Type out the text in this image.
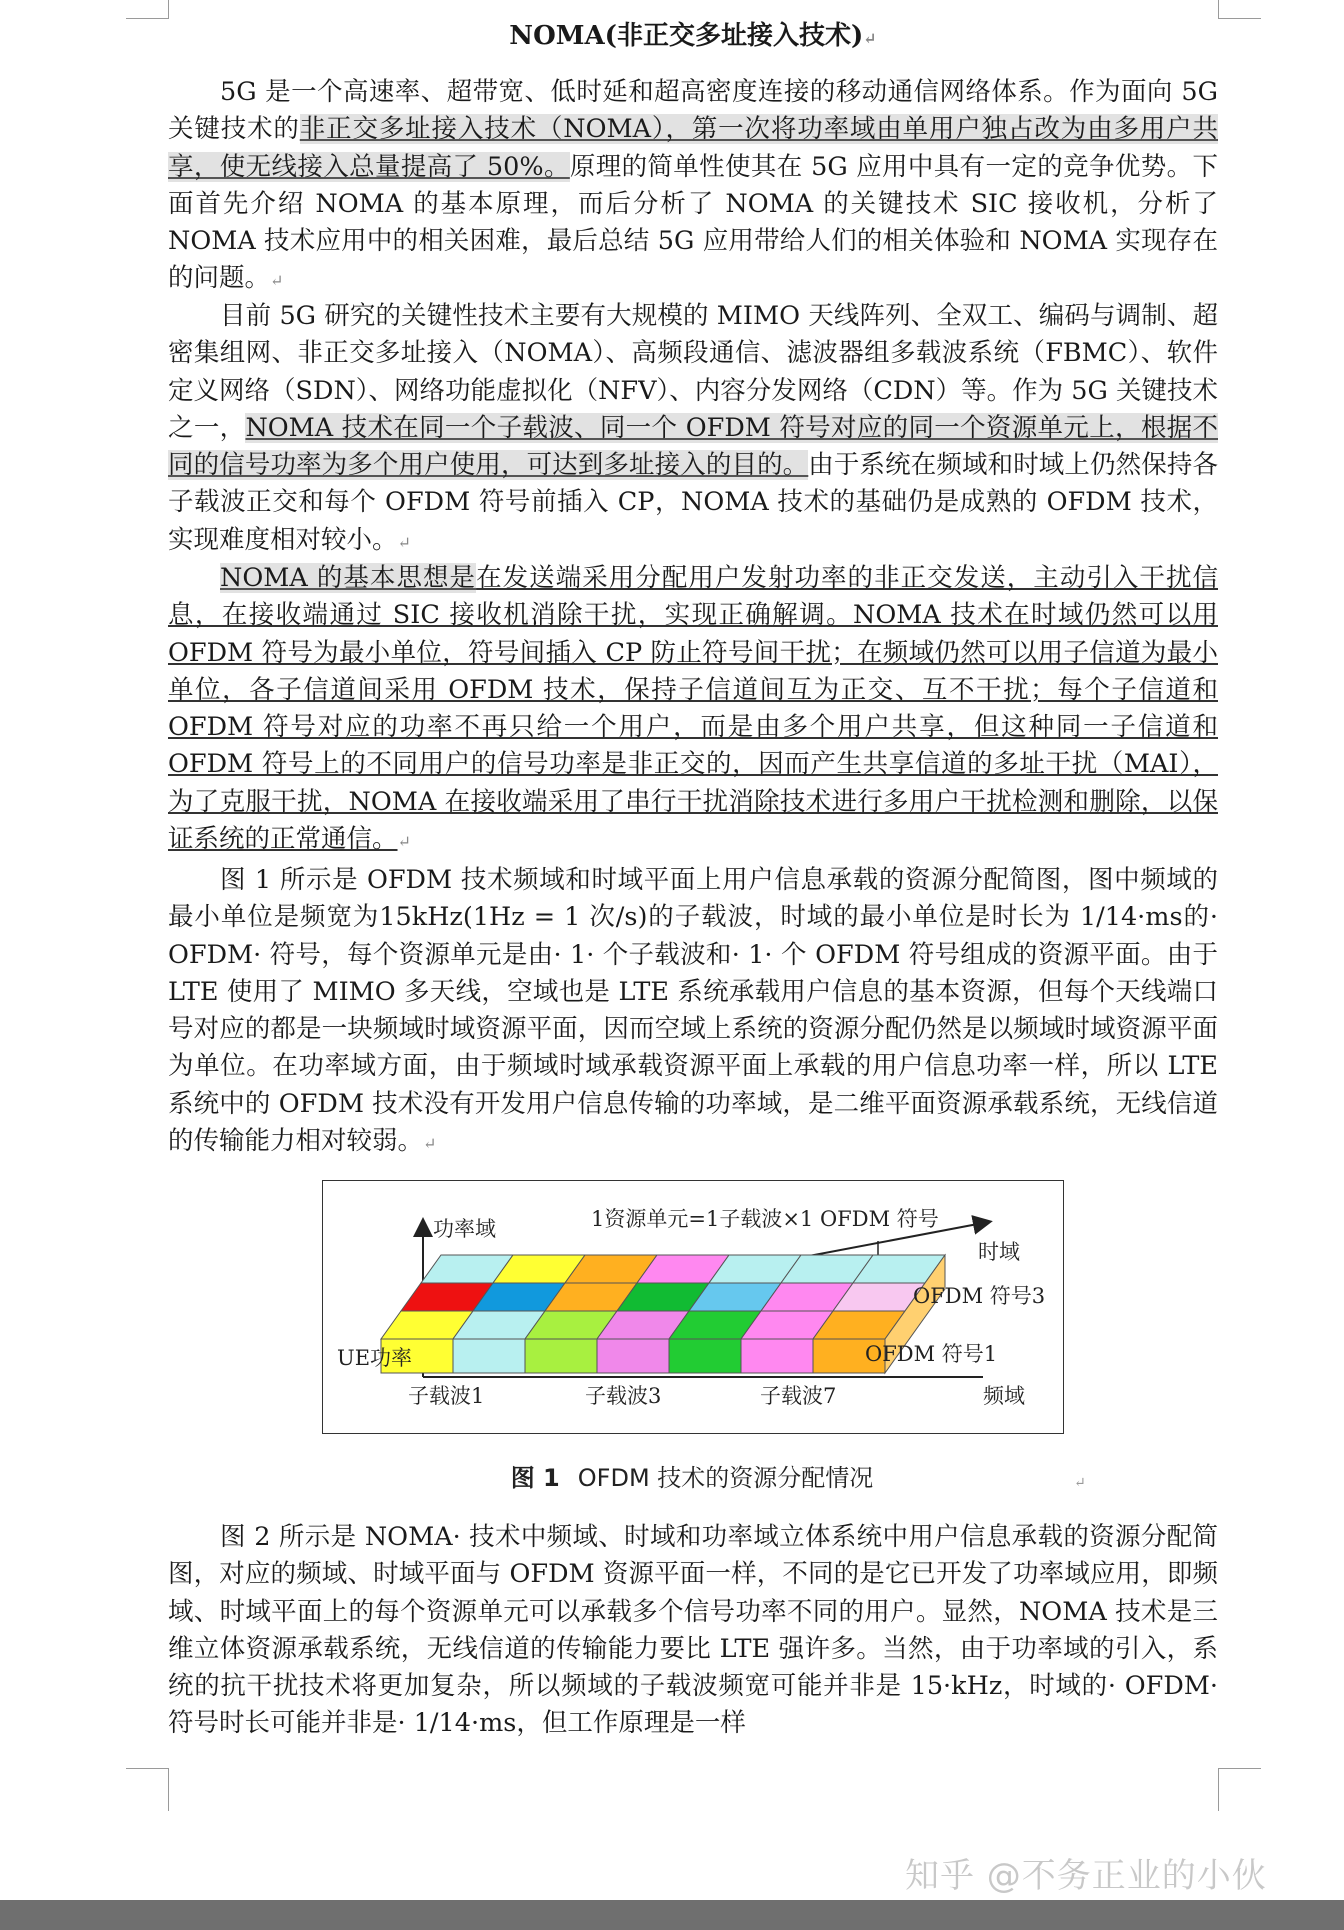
NOMA(非正交多址接入技术)↵

5G 是一个高速率、超带宽、低时延和超高密度连接的移动通信网络体系。作为面向 5G 关键技术的非正交多址接入技术（NOMA），第一次将功率域由单用户独占改为由多用户共享，使无线接入总量提高了 50%。原理的简单性使其在 5G 应用中具有一定的竞争优势。下面首先介绍 NOMA 的基本原理，而后分析了 NOMA 的关键技术 SIC 接收机，分析了 NOMA 技术应用中的相关困难，最后总结 5G 应用带给人们的相关体验和 NOMA 实现存在的问题。↵

目前 5G 研究的关键性技术主要有大规模的 MIMO 天线阵列、全双工、编码与调制、超密集组网、非正交多址接入（NOMA）、高频段通信、滤波器组多载波系统（FBMC）、软件定义网络（SDN）、网络功能虚拟化（NFV）、内容分发网络（CDN）等。作为 5G 关键技术之一，NOMA 技术在同一个子载波、同一个 OFDM 符号对应的同一个资源单元上，根据不同的信号功率为多个用户使用，可达到多址接入的目的。由于系统在频域和时域上仍然保持各子载波正交和每个 OFDM 符号前插入 CP，NOMA 技术的基础仍是成熟的 OFDM 技术，实现难度相对较小。↵

NOMA 的基本思想是在发送端采用分配用户发射功率的非正交发送，主动引入干扰信息，在接收端通过 SIC 接收机消除干扰，实现正确解调。NOMA 技术在时域仍然可以用 OFDM 符号为最小单位，符号间插入 CP 防止符号间干扰；在频域仍然可以用子信道为最小单位，各子信道间采用 OFDM 技术，保持子信道间互为正交、互不干扰；每个子信道和 OFDM 符号对应的功率不再只给一个用户，而是由多个用户共享，但这种同一子信道和 OFDM 符号上的不同用户的信号功率是非正交的，因而产生共享信道的多址干扰（MAI），为了克服干扰，NOMA 在接收端采用了串行干扰消除技术进行多用户干扰检测和删除，以保证系统的正常通信。↵

图 1 所示是 OFDM 技术频域和时域平面上用户信息承载的资源分配简图，图中频域的最小单位是频宽为15kHz(1Hz = 1 次/s)的子载波，时域的最小单位是时长为 1/14·ms的· OFDM· 符号，每个资源单元是由· 1· 个子载波和· 1· 个 OFDM 符号组成的资源平面。由于 LTE 使用了 MIMO 多天线，空域也是 LTE 系统承载用户信息的基本资源，但每个天线端口号对应的都是一块频域时域资源平面，因而空域上系统的资源分配仍然是以频域时域资源平面为单位。在功率域方面，由于频域时域承载资源平面上承载的用户信息功率一样，所以 LTE 系统中的 OFDM 技术没有开发用户信息传输的功率域，是二维平面资源承载系统，无线信道的传输能力相对较弱。↵

功率域	1资源单元=1子载波×1 OFDM 符号
时域
OFDM 符号3
OFDM 符号1
UE功率
子载波1	子载波3	子载波7	频域
图 1 OFDM 技术的资源分配情况	↵

图 2 所示是 NOMA· 技术中频域、时域和功率域立体系统中用户信息承载的资源分配简图，对应的频域、时域平面与 OFDM 资源平面一样，不同的是它已开发了功率域应用，即频域、时域平面上的每个资源单元可以承载多个信号功率不同的用户。显然，NOMA 技术是三维立体资源承载系统，无线信道的传输能力要比 LTE 强许多。当然，由于功率域的引入，系统的抗干扰技术将更加复杂，所以频域的子载波频宽可能并非是 15·kHz，时域的· OFDM· 符号时长可能并非是· 1/14·ms，但工作原理是一样

知乎 @不务正业的小伙
